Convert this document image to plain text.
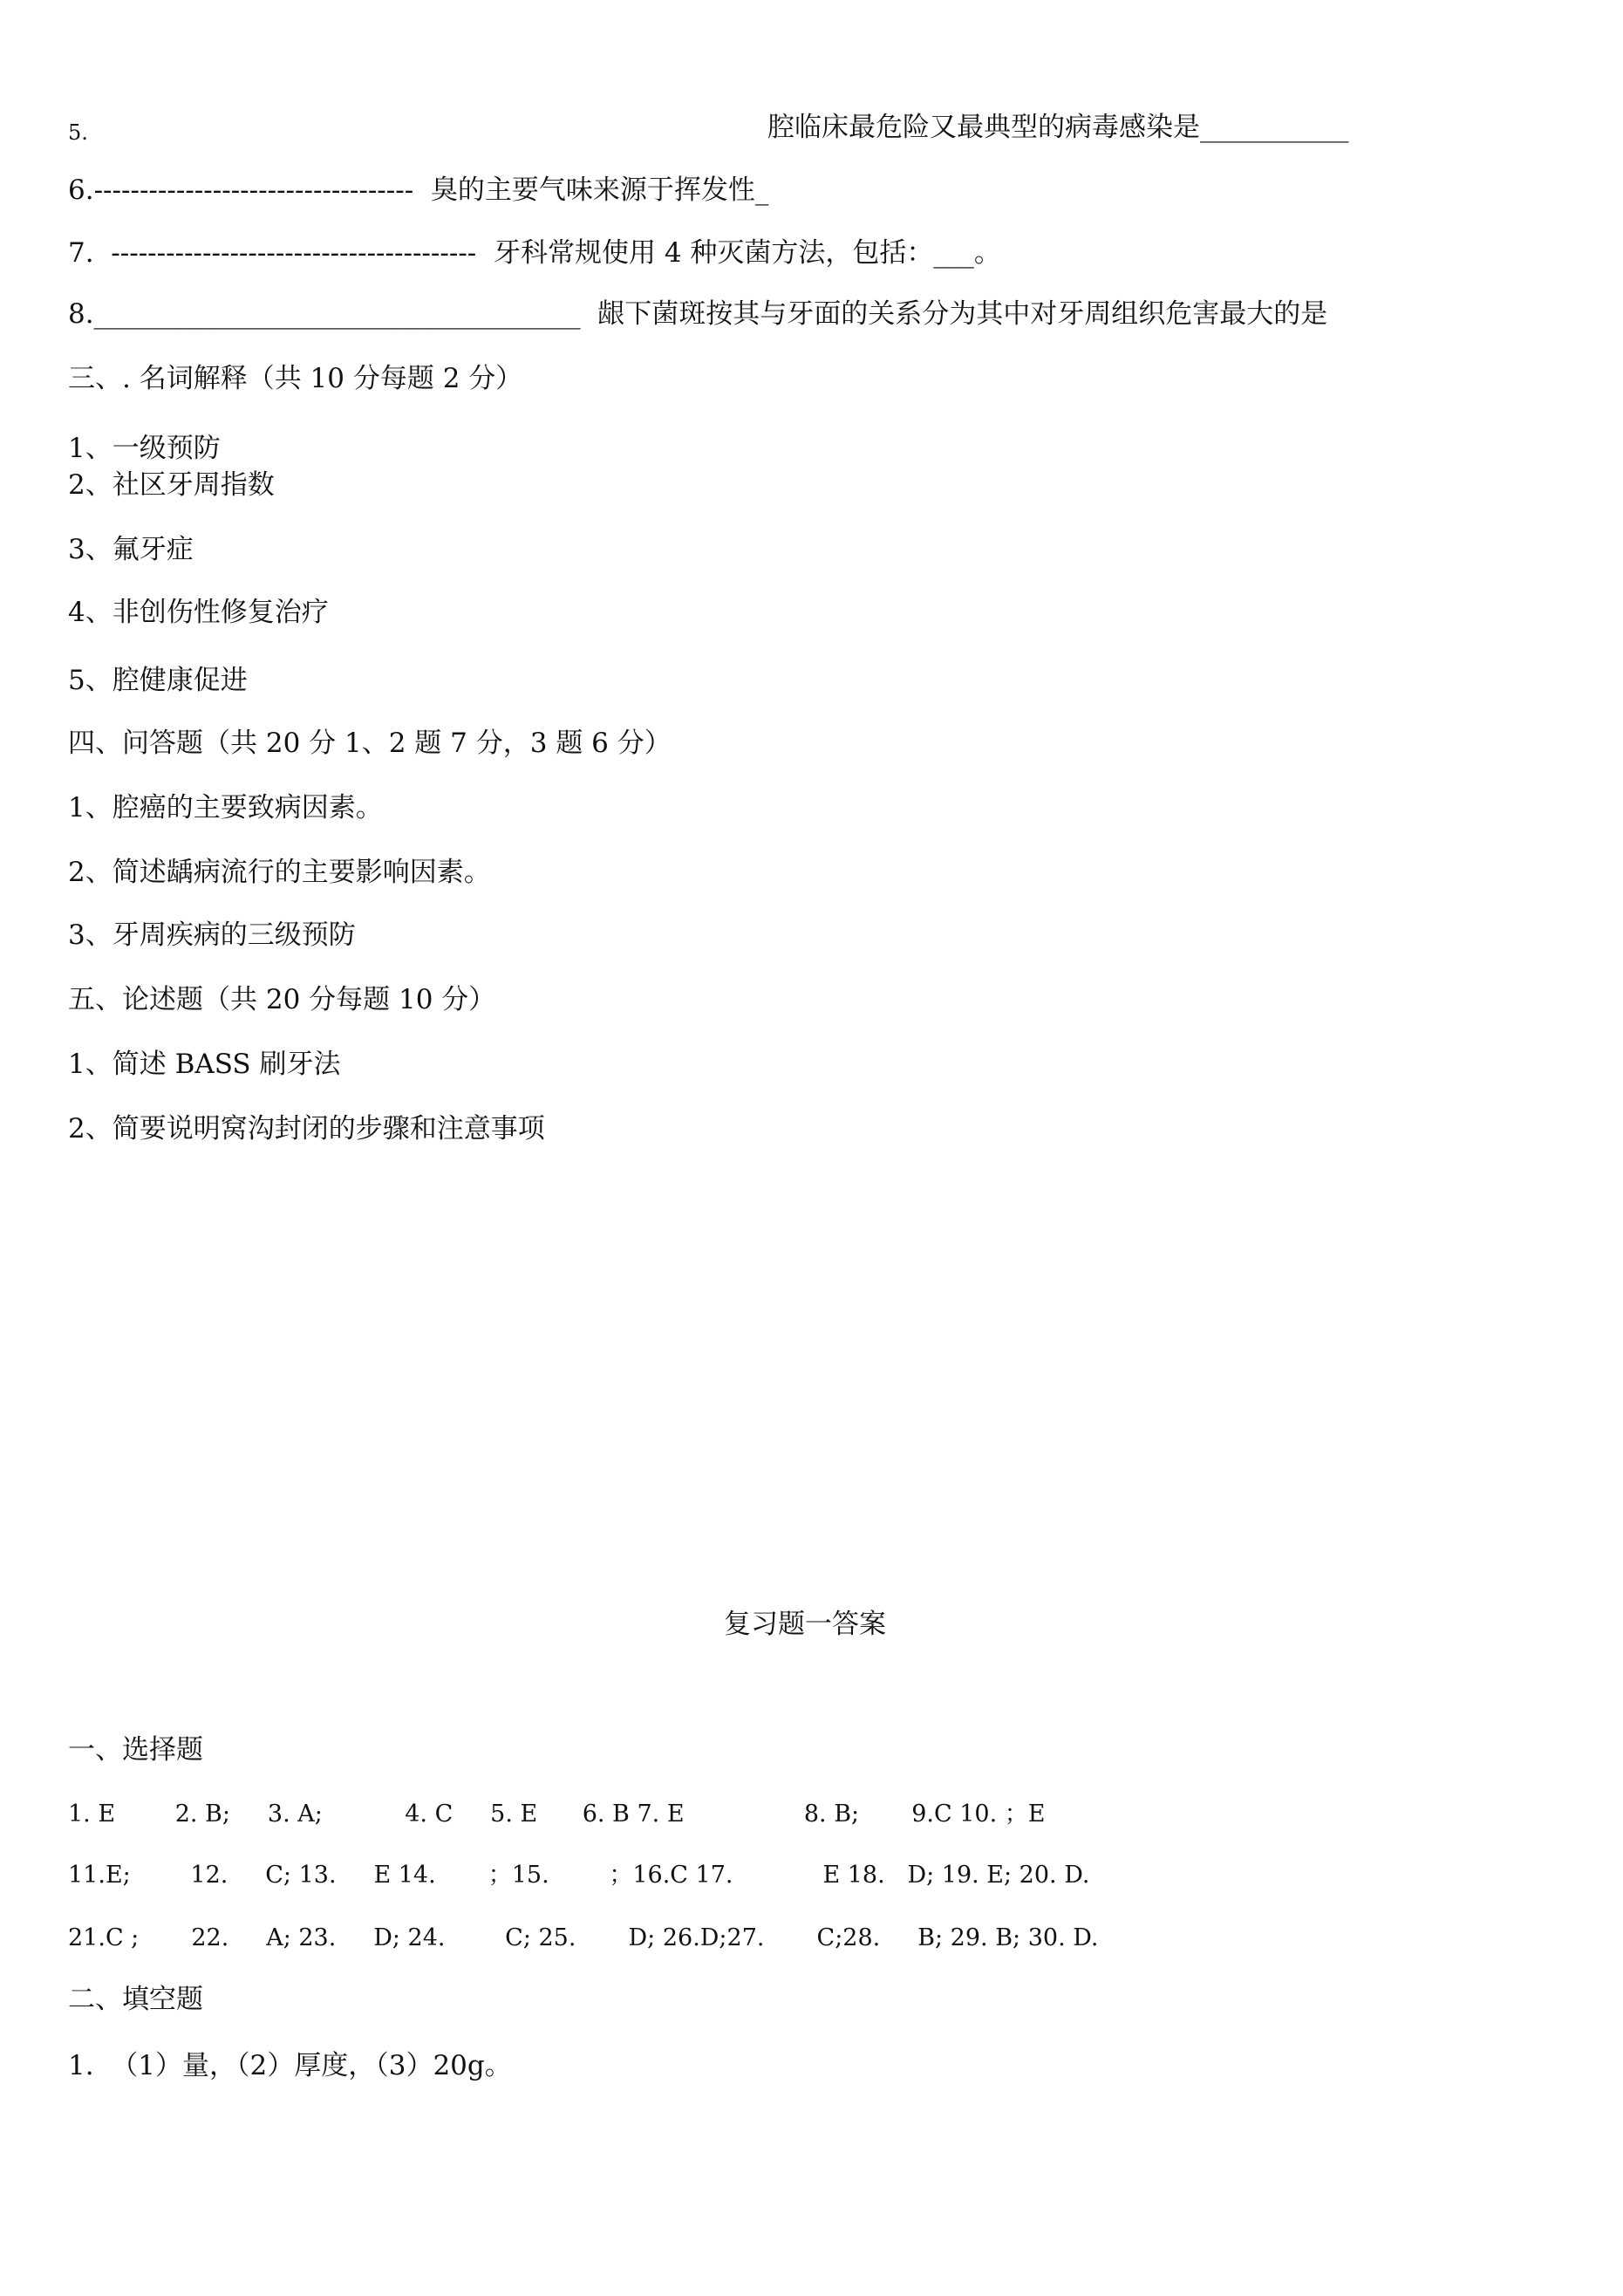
5.	腔临床最危险又最典型的病毒感染是___________
6.-----------------------------------  臭的主要气味来源于挥发性_
7.  ----------------------------------------  牙科常规使用 4 种灭菌方法，包括：___。
8.____________________________________  龈下菌斑按其与牙面的关系分为其中对牙周组织危害最大的是
三、. 名词解释（共 10 分每题 2 分）
1、一级预防
2、社区牙周指数
3、氟牙症
4、非创伤性修复治疗
5、腔健康促进
四、问答题（共 20 分 1、2 题 7 分，3 题 6 分）
1、腔癌的主要致病因素。
2、简述龋病流行的主要影响因素。
3、牙周疾病的三级预防
五、论述题（共 20 分每题 10 分）
1、简述 BASS 刷牙法
2、简要说明窝沟封闭的步骤和注意事项
复习题一答案
一、选择题
1. E        2. B;     3. A;           4. C     5. E      6. B 7. E                8. B;       9.C 10. ；E
11.E;        12.     C; 13.     E 14.       ；15.        ；16.C 17.            E 18.   D; 19. E; 20. D.
21.C ;       22.     A; 23.     D; 24.        C; 25.       D; 26.D;27.       C;28.     B; 29. B; 30. D.
二、填空题
1.  （1）量，（2）厚度，（3）20g。
